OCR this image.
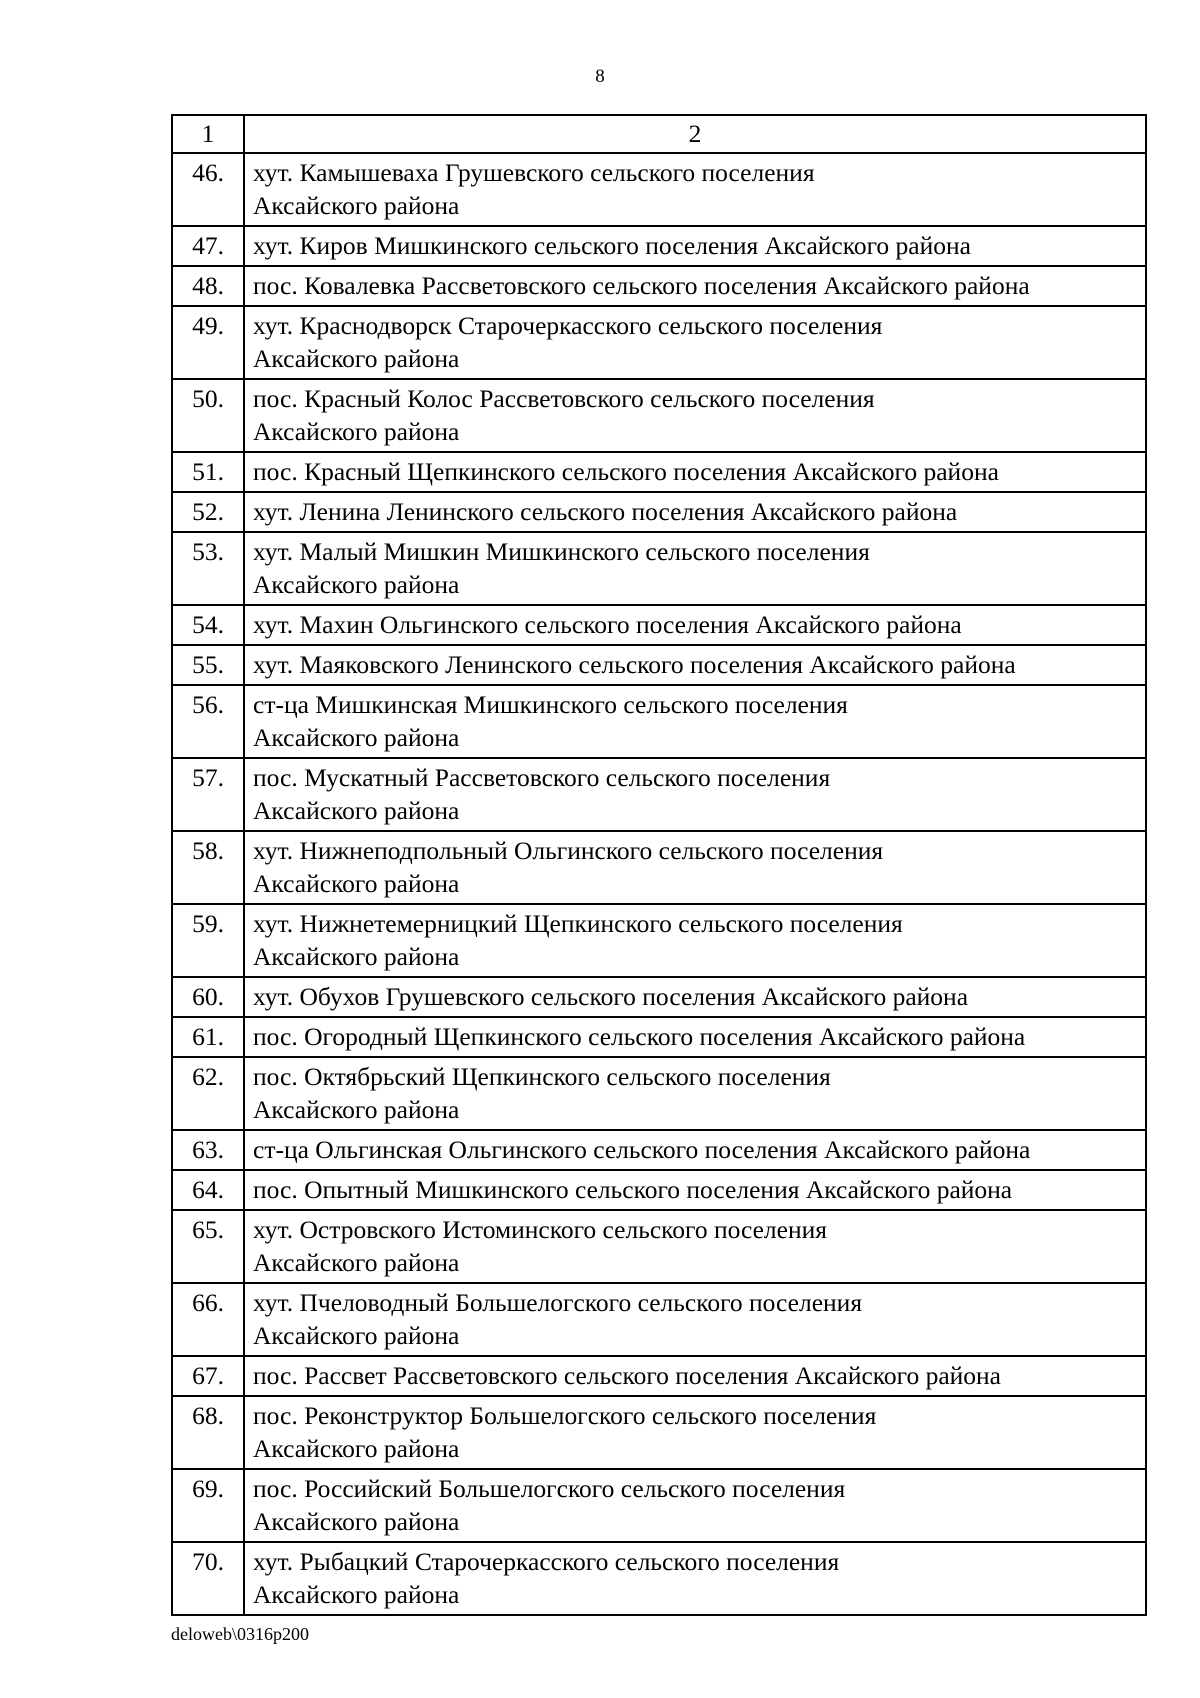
8
1	2
46.	хут. Камышеваха Грушевского сельского поселения
Аксайского района
47.	хут. Киров Мишкинского сельского поселения Аксайского района
48.	пос. Ковалевка Рассветовского сельского поселения Аксайского района
49.	хут. Краснодворск Старочеркасского сельского поселения
Аксайского района
50.	пос. Красный Колос Рассветовского сельского поселения
Аксайского района
51.	пос. Красный Щепкинского сельского поселения Аксайского района
52.	хут. Ленина Ленинского сельского поселения Аксайского района
53.	хут. Малый Мишкин Мишкинского сельского поселения
Аксайского района
54.	хут. Махин Ольгинского сельского поселения Аксайского района
55.	хут. Маяковского Ленинского сельского поселения Аксайского района
56.	ст-ца Мишкинская Мишкинского сельского поселения
Аксайского района
57.	пос. Мускатный Рассветовского сельского поселения
Аксайского района
58.	хут. Нижнеподпольный Ольгинского сельского поселения
Аксайского района
59.	хут. Нижнетемерницкий Щепкинского сельского поселения
Аксайского района
60.	хут. Обухов Грушевского сельского поселения Аксайского района
61.	пос. Огородный Щепкинского сельского поселения Аксайского района
62.	пос. Октябрьский Щепкинского сельского поселения
Аксайского района
63.	ст-ца Ольгинская Ольгинского сельского поселения Аксайского района
64.	пос. Опытный Мишкинского сельского поселения Аксайского района
65.	хут. Островского Истоминского сельского поселения
Аксайского района
66.	хут. Пчеловодный Большелогского сельского поселения
Аксайского района
67.	пос. Рассвет Рассветовского сельского поселения Аксайского района
68.	пос. Реконструктор Большелогского сельского поселения
Аксайского района
69.	пос. Российский Большелогского сельского поселения
Аксайского района
70.	хут. Рыбацкий Старочеркасского сельского поселения
Аксайского района
deloweb\0316p200
